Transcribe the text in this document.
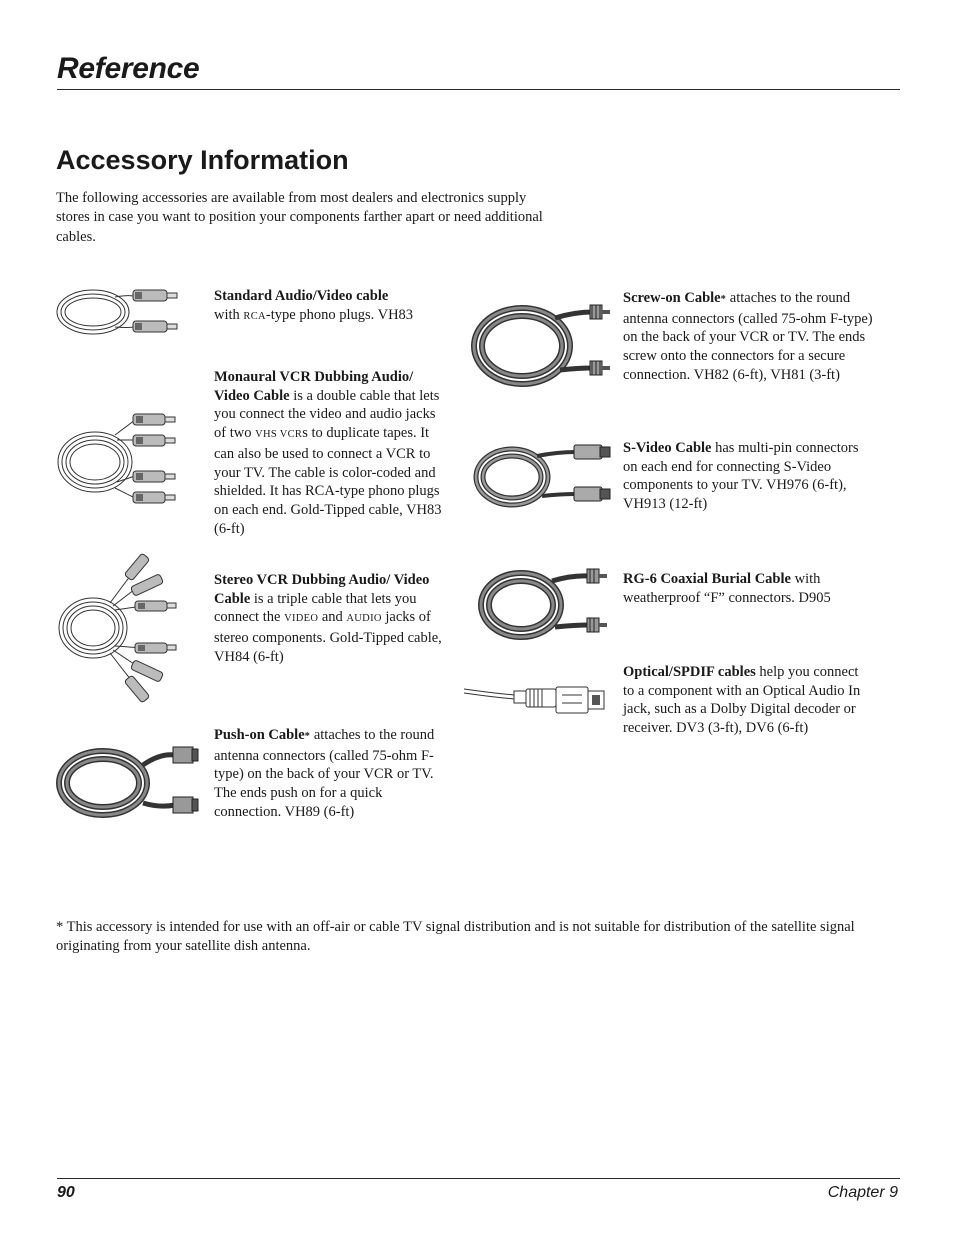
Reference
Accessory Information
The following accessories are available from most dealers and electronics supply stores in case you want to position your components farther apart or need additional cables.
Standard Audio/Video cable
with RCA-type phono plugs. VH83
Monaural VCR Dubbing Audio/ Video Cable is a double cable that lets you connect the video and audio jacks of two VHS VCRs to duplicate tapes. It can also be used to connect a VCR to your TV. The cable is color-coded and shielded. It has RCA-type phono plugs on each end. Gold-Tipped cable, VH83 (6-ft)
Stereo VCR Dubbing Audio/ Video Cable is a triple cable that lets you connect the VIDEO and AUDIO jacks of stereo components. Gold-Tipped cable, VH84 (6-ft)
Push-on Cable* attaches to the round antenna connectors (called 75-ohm F-type) on the back of your VCR or TV. The ends push on for a quick connection. VH89 (6-ft)
Screw-on Cable* attaches to the round antenna connectors (called 75-ohm F-type) on the back of your VCR or TV. The ends screw onto the connectors for a secure connection. VH82 (6-ft), VH81 (3-ft)
S-Video Cable has multi-pin connectors on each end for connecting S-Video components to your TV. VH976 (6-ft), VH913 (12-ft)
RG-6 Coaxial Burial Cable with weatherproof “F” connectors. D905
Optical/SPDIF cables help you connect to a component with an Optical Audio In jack, such as a Dolby Digital decoder or receiver. DV3 (3-ft), DV6 (6-ft)
* This accessory is intended for use with an off-air or cable TV signal distribution and is not suitable for distribution of the satellite signal originating from your satellite dish antenna.
90	Chapter 9
